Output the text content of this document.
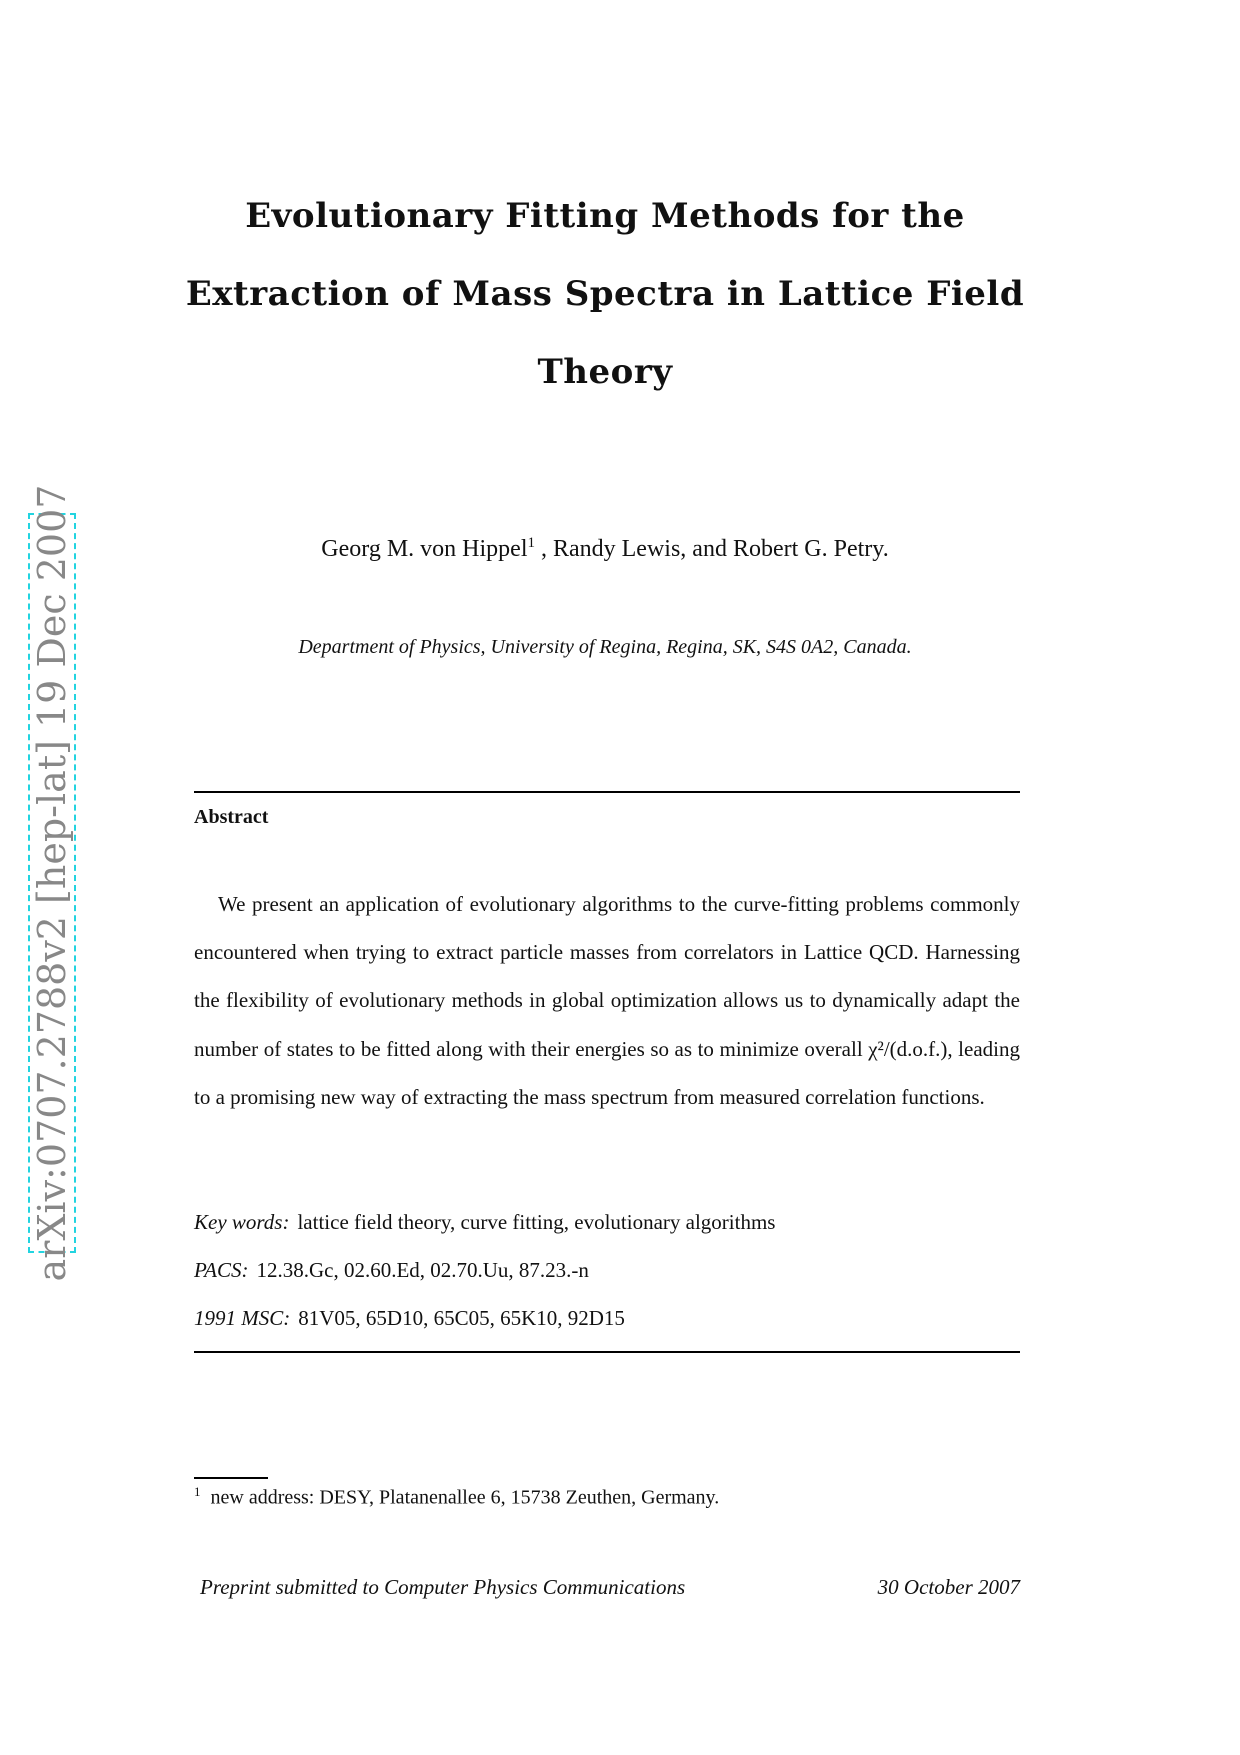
arXiv:0707.2788v2 [hep-lat] 19 Dec 2007
Evolutionary Fitting Methods for the
Extraction of Mass Spectra in Lattice Field
Theory
Georg M. von Hippel$^1$ , Randy Lewis, and Robert G. Petry.
Department of Physics, University of Regina, Regina, SK, S4S 0A2, Canada.
Abstract
We present an application of evolutionary algorithms to the curve-fitting problems commonly encountered when trying to extract particle masses from correlators in Lattice QCD. Harnessing the flexibility of evolutionary methods in global optimization allows us to dynamically adapt the number of states to be fitted along with their energies so as to minimize overall χ²/(d.o.f.), leading to a promising new way of extracting the mass spectrum from measured correlation functions.
Key words: lattice field theory, curve fitting, evolutionary algorithms
PACS: 12.38.Gc, 02.60.Ed, 02.70.Uu, 87.23.-n
1991 MSC: 81V05, 65D10, 65C05, 65K10, 92D15
$^1$ new address: DESY, Platanenallee 6, 15738 Zeuthen, Germany.
Preprint submitted to Computer Physics Communications	30 October 2007
